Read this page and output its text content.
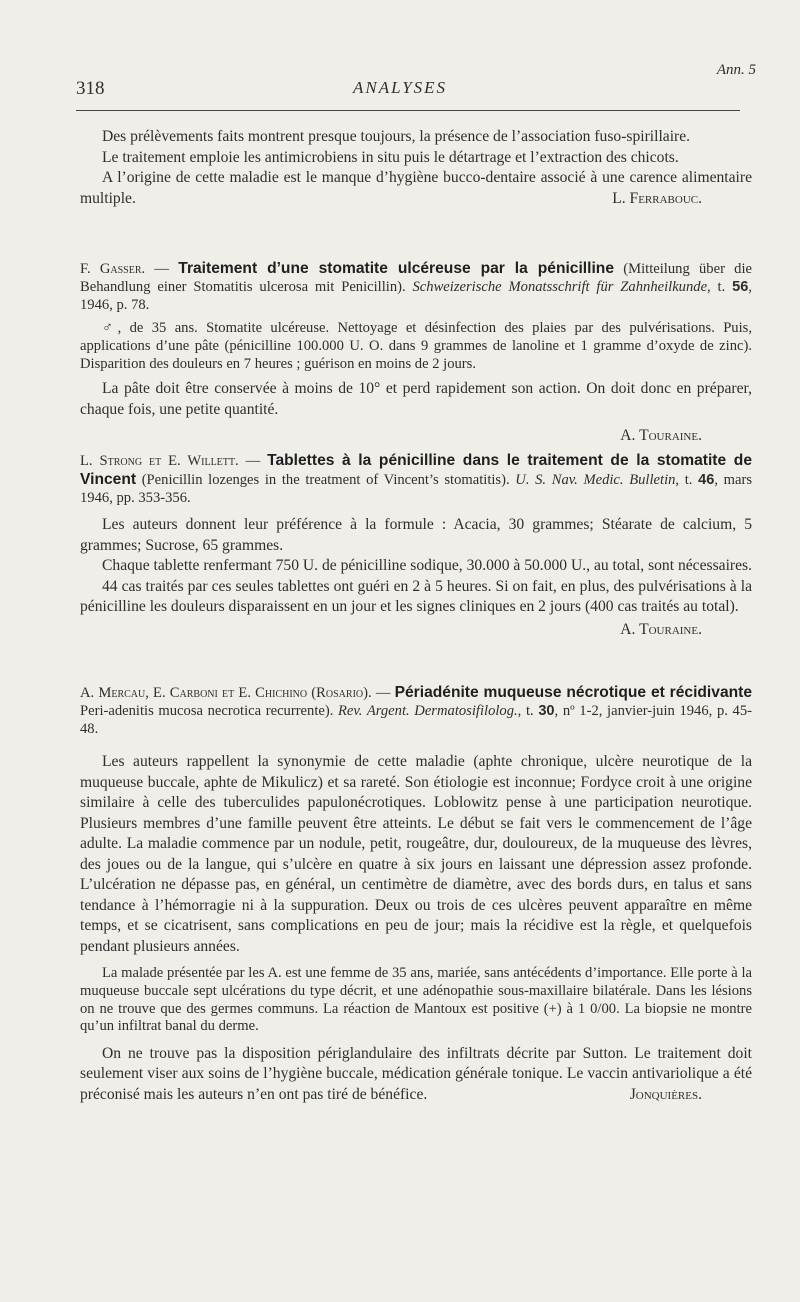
318	ANALYSES
Ann. 5

Des prélèvements faits montrent presque toujours, la présence de l’association fuso-spirillaire.

Le traitement emploie les antimicrobiens in situ puis le détartrage et l’extraction des chicots.

A l’origine de cette maladie est le manque d’hygiène bucco-dentaire associé à une carence alimentaire multiple.	L. Ferrabouc.

F. Gasser. — Traitement d’une stomatite ulcéreuse par la pénicilline (Mitteilung über die Behandlung einer Stomatitis ulcerosa mit Penicillin). Schweizerische Monatsschrift für Zahnheilkunde, t. 56, 1946, p. 78.

♂, de 35 ans. Stomatite ulcéreuse. Nettoyage et désinfection des plaies par des pulvérisations. Puis, applications d’une pâte (pénicilline 100.000 U. O. dans 9 grammes de lanoline et 1 gramme d’oxyde de zinc). Disparition des douleurs en 7 heures ; guérison en moins de 2 jours.

La pâte doit être conservée à moins de 10° et perd rapidement son action. On doit donc en préparer, chaque fois, une petite quantité.

A. Touraine.

L. Strong et E. Willett. — Tablettes à la pénicilline dans le traitement de la stomatite de Vincent (Penicillin lozenges in the treatment of Vincent’s stomatitis). U. S. Nav. Medic. Bulletin, t. 46, mars 1946, pp. 353-356.

Les auteurs donnent leur préférence à la formule : Acacia, 30 grammes; Stéarate de calcium, 5 grammes; Sucrose, 65 grammes.

Chaque tablette renfermant 750 U. de pénicilline sodique, 30.000 à 50.000 U., au total, sont nécessaires.

44 cas traités par ces seules tablettes ont guéri en 2 à 5 heures. Si on fait, en plus, des pulvérisations à la pénicilline les douleurs disparaissent en un jour et les signes cliniques en 2 jours (400 cas traités au total).

A. Touraine.

A. Mercau, E. Carboni et E. Chichino (Rosario). — Périadénite muqueuse nécrotique et récidivante Peri-adenitis mucosa necrotica recurrente). Rev. Argent. Dermatosifilolog., t. 30, nº 1-2, janvier-juin 1946, p. 45-48.

Les auteurs rappellent la synonymie de cette maladie (aphte chronique, ulcère neurotique de la muqueuse buccale, aphte de Mikulicz) et sa rareté. Son étiologie est inconnue; Fordyce croit à une origine similaire à celle des tuberculides papulonécrotiques. Loblowitz pense à une participation neurotique. Plusieurs membres d’une famille peuvent être atteints. Le début se fait vers le commencement de l’âge adulte. La maladie commence par un nodule, petit, rougeâtre, dur, douloureux, de la muqueuse des lèvres, des joues ou de la langue, qui s’ulcère en quatre à six jours en laissant une dépression assez profonde. L’ulcération ne dépasse pas, en général, un centimètre de diamètre, avec des bords durs, en talus et sans tendance à l’hémorragie ni à la suppuration. Deux ou trois de ces ulcères peuvent apparaître en même temps, et se cicatrisent, sans complications en peu de jour; mais la récidive est la règle, et quelquefois pendant plusieurs années.

La malade présentée par les A. est une femme de 35 ans, mariée, sans antécédents d’importance. Elle porte à la muqueuse buccale sept ulcérations du type décrit, et une adénopathie sous-maxillaire bilatérale. Dans les lésions on ne trouve que des germes communs. La réaction de Mantoux est positive (+) à 1 0/00. La biopsie ne montre qu’un infiltrat banal du derme.

On ne trouve pas la disposition périglandulaire des infiltrats décrite par Sutton. Le traitement doit seulement viser aux soins de l’hygiène buccale, médication générale tonique. Le vaccin antivariolique a été préconisé mais les auteurs n’en ont pas tiré de bénéfice.	Jonquières.
